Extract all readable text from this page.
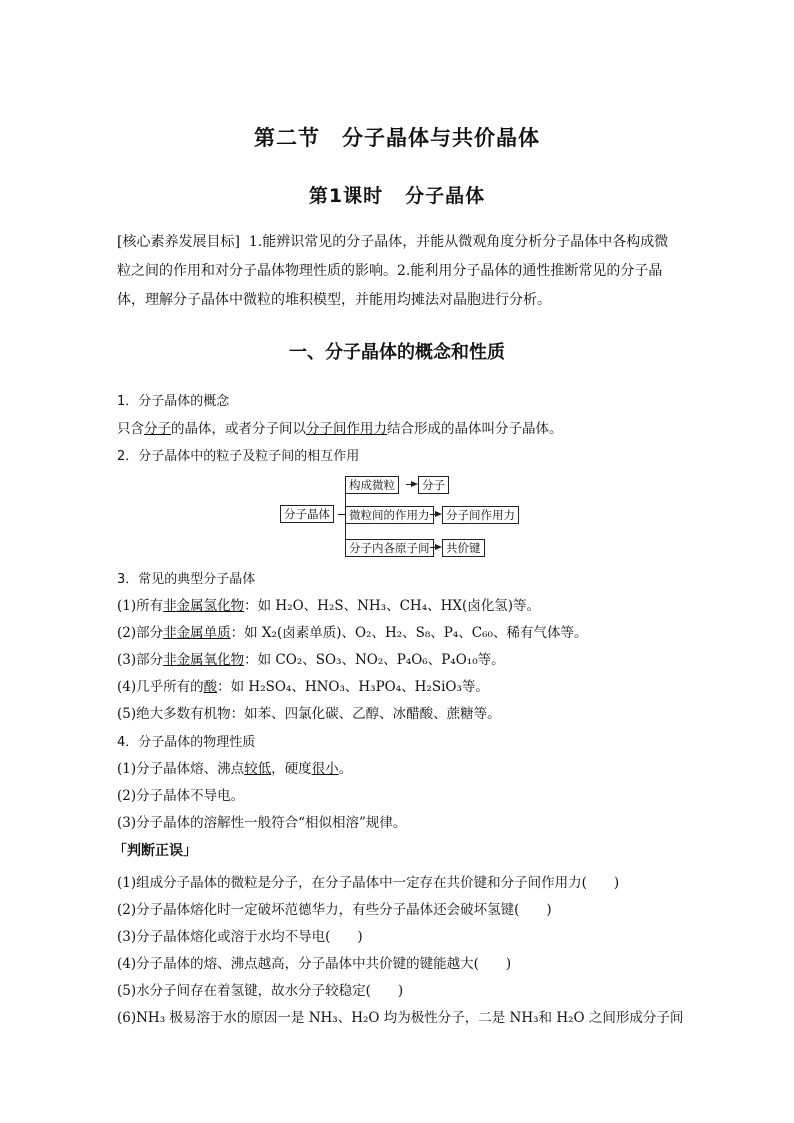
第二节 分子晶体与共价晶体
第1课时 分子晶体
[核心素养发展目标] 1.能辨识常见的分子晶体，并能从微观角度分析分子晶体中各构成微粒之间的作用和对分子晶体物理性质的影响。2.能利用分子晶体的通性推断常见的分子晶体，理解分子晶体中微粒的堆积模型，并能用均摊法对晶胞进行分析。
一、分子晶体的概念和性质
1．分子晶体的概念
只含分子的晶体，或者分子间以分子间作用力结合形成的晶体叫分子晶体。
2．分子晶体中的粒子及粒子间的相互作用
分子晶体
构成微粒	分子
微粒间的作用力	分子间作用力
分子内各原子间	共价键
3．常见的典型分子晶体
(1)所有非金属氢化物：如 H₂O、H₂S、NH₃、CH₄、HX(卤化氢)等。
(2)部分非金属单质：如 X₂(卤素单质)、O₂、H₂、S₈、P₄、C₆₀、稀有气体等。
(3)部分非金属氧化物：如 CO₂、SO₃、NO₂、P₄O₆、P₄O₁₀等。
(4)几乎所有的酸：如 H₂SO₄、HNO₃、H₃PO₄、H₂SiO₃等。
(5)绝大多数有机物：如苯、四氯化碳、乙醇、冰醋酸、蔗糖等。
4．分子晶体的物理性质
(1)分子晶体熔、沸点较低，硬度很小。
(2)分子晶体不导电。
(3)分子晶体的溶解性一般符合“相似相溶”规律。
「判断正误」
(1)组成分子晶体的微粒是分子，在分子晶体中一定存在共价键和分子间作用力(　　)
(2)分子晶体熔化时一定破坏范德华力，有些分子晶体还会破坏氢键(　　)
(3)分子晶体熔化或溶于水均不导电(　　)
(4)分子晶体的熔、沸点越高，分子晶体中共价键的键能越大(　　)
(5)水分子间存在着氢键，故水分子较稳定(　　)
(6)NH₃ 极易溶于水的原因一是 NH₃、H₂O 均为极性分子，二是 NH₃和 H₂O 之间形成分子间
